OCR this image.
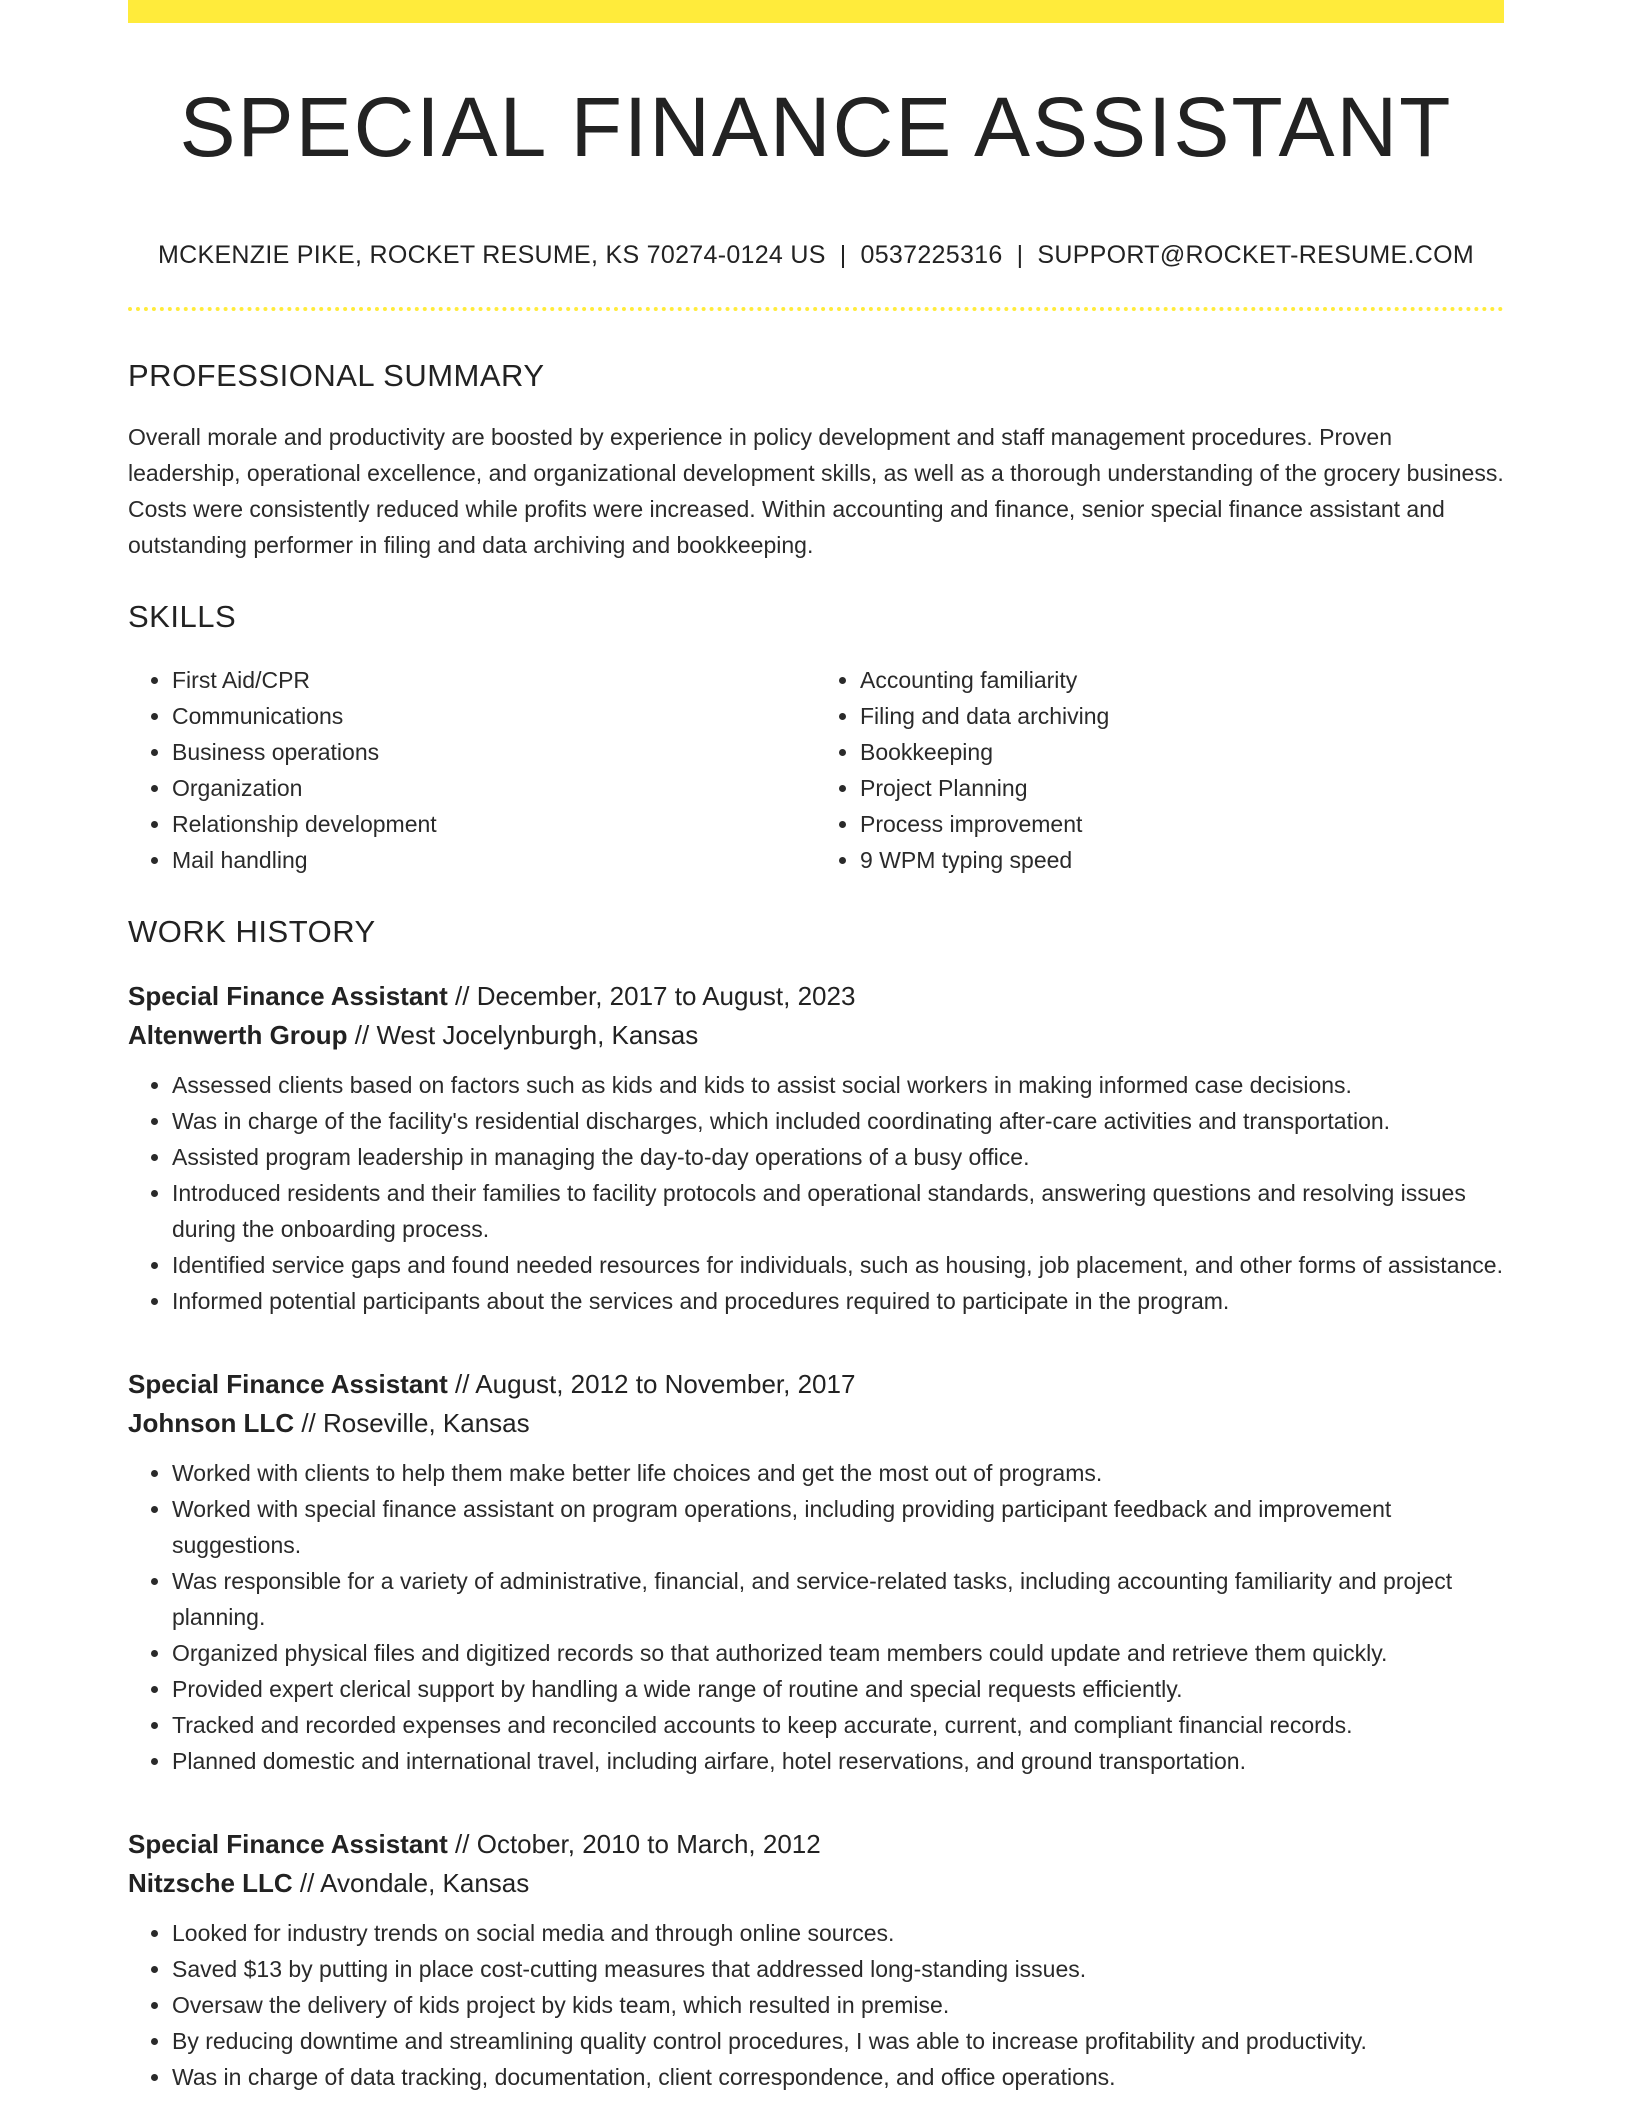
SPECIAL FINANCE ASSISTANT
MCKENZIE PIKE, ROCKET RESUME, KS 70274-0124 US | 0537225316 | SUPPORT@ROCKET-RESUME.COM
PROFESSIONAL SUMMARY
Overall morale and productivity are boosted by experience in policy development and staff management procedures. Proven leadership, operational excellence, and organizational development skills, as well as a thorough understanding of the grocery business. Costs were consistently reduced while profits were increased. Within accounting and finance, senior special finance assistant and outstanding performer in filing and data archiving and bookkeeping.
SKILLS
• First Aid/CPR
• Communications
• Business operations
• Organization
• Relationship development
• Mail handling
• Accounting familiarity
• Filing and data archiving
• Bookkeeping
• Project Planning
• Process improvement
• 9 WPM typing speed
WORK HISTORY
Special Finance Assistant // December, 2017 to August, 2023
Altenwerth Group // West Jocelynburgh, Kansas
• Assessed clients based on factors such as kids and kids to assist social workers in making informed case decisions.
• Was in charge of the facility's residential discharges, which included coordinating after-care activities and transportation.
• Assisted program leadership in managing the day-to-day operations of a busy office.
• Introduced residents and their families to facility protocols and operational standards, answering questions and resolving issues during the onboarding process.
• Identified service gaps and found needed resources for individuals, such as housing, job placement, and other forms of assistance.
• Informed potential participants about the services and procedures required to participate in the program.
Special Finance Assistant // August, 2012 to November, 2017
Johnson LLC // Roseville, Kansas
• Worked with clients to help them make better life choices and get the most out of programs.
• Worked with special finance assistant on program operations, including providing participant feedback and improvement suggestions.
• Was responsible for a variety of administrative, financial, and service-related tasks, including accounting familiarity and project planning.
• Organized physical files and digitized records so that authorized team members could update and retrieve them quickly.
• Provided expert clerical support by handling a wide range of routine and special requests efficiently.
• Tracked and recorded expenses and reconciled accounts to keep accurate, current, and compliant financial records.
• Planned domestic and international travel, including airfare, hotel reservations, and ground transportation.
Special Finance Assistant // October, 2010 to March, 2012
Nitzsche LLC // Avondale, Kansas
• Looked for industry trends on social media and through online sources.
• Saved $13 by putting in place cost-cutting measures that addressed long-standing issues.
• Oversaw the delivery of kids project by kids team, which resulted in premise.
• By reducing downtime and streamlining quality control procedures, I was able to increase profitability and productivity.
• Was in charge of data tracking, documentation, client correspondence, and office operations.
